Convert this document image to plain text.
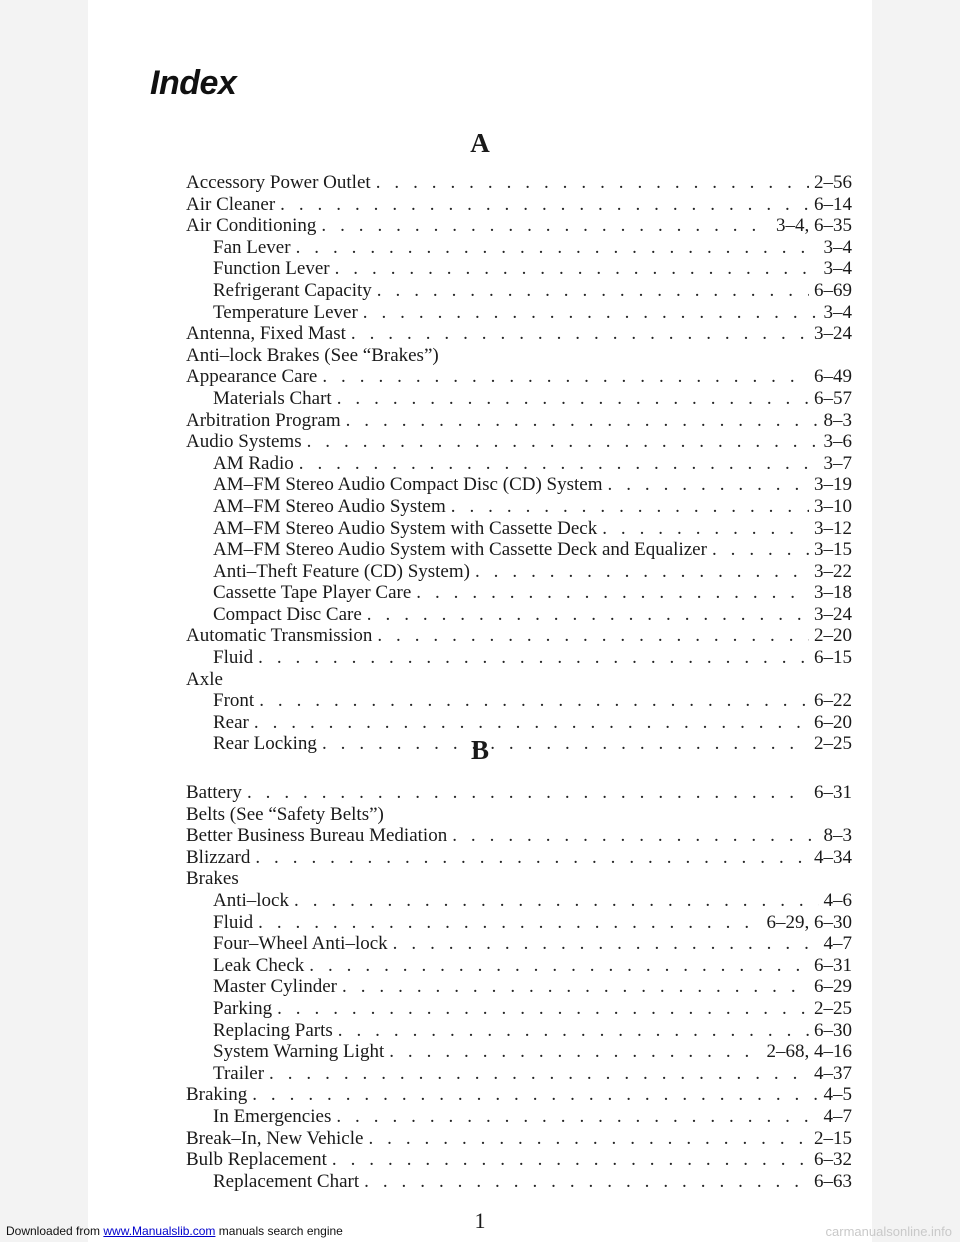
Index
A
Accessory Power Outlet . . .	2–56
Air Cleaner . . .	6–14
Air Conditioning . . .	3–4, 6–35
Fan Lever . . .	3–4
Function Lever . . .	3–4
Refrigerant Capacity . . .	6–69
Temperature Lever . . .	3–4
Antenna, Fixed Mast . . .	3–24
Anti–lock Brakes (See “Brakes”)
Appearance Care . . .	6–49
Materials Chart . . .	6–57
Arbitration Program . . .	8–3
Audio Systems . . .	3–6
AM Radio . . .	3–7
AM–FM Stereo Audio Compact Disc (CD) System . . .	3–19
AM–FM Stereo Audio System . . .	3–10
AM–FM Stereo Audio System with Cassette Deck . . .	3–12
AM–FM Stereo Audio System with Cassette Deck and Equalizer . . .	3–15
Anti–Theft Feature (CD) System) . . .	3–22
Cassette Tape Player Care . . .	3–18
Compact Disc Care . . .	3–24
Automatic Transmission . . .	2–20
Fluid . . .	6–15
Axle
Front . . .	6–22
Rear . . .	6–20
Rear Locking . . .	2–25
B
Battery . . .	6–31
Belts (See “Safety Belts”)
Better Business Bureau Mediation . . .	8–3
Blizzard . . .	4–34
Brakes
Anti–lock . . .	4–6
Fluid . . .	6–29, 6–30
Four–Wheel Anti–lock . . .	4–7
Leak Check . . .	6–31
Master Cylinder . . .	6–29
Parking . . .	2–25
Replacing Parts . . .	6–30
System Warning Light . . .	2–68, 4–16
Trailer . . .	4–37
Braking . . .	4–5
In Emergencies . . .	4–7
Break–In, New Vehicle . . .	2–15
Bulb Replacement . . .	6–32
Replacement Chart . . .	6–63
1
Downloaded from www.Manualslib.com manuals search engine	carmanualsonline.info
